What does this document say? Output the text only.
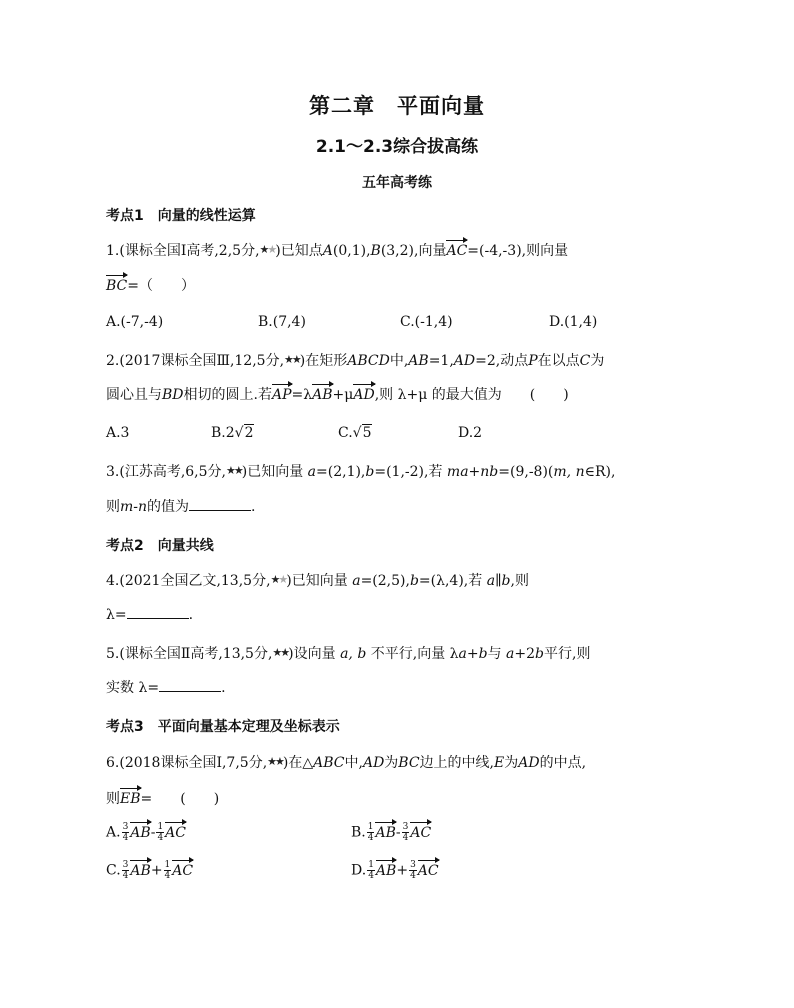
第二章　平面向量
2.1～2.3综合拔高练
五年高考练
考点1　向量的线性运算
1.(课标全国Ⅰ高考,2,5分,★★)已知点A(0,1),B(3,2),向量AC=(-4,-3),则向量
BC=（　　）
A.(-7,-4)	B.(7,4)	C.(-1,4)	D.(1,4)
2.(2017课标全国Ⅲ,12,5分,★★)在矩形ABCD中,AB=1,AD=2,动点P在以点C为
圆心且与BD相切的圆上.若AP=λAB+μAD,则 λ+μ 的最大值为　　(　　)
A.3	B.2√2	C.√5	D.2
3.(江苏高考,6,5分,★★)已知向量 a=(2,1),b=(1,-2),若 ma+nb=(9,-8)(m, n∈R),
则m-n的值为	.
考点2　向量共线
4.(2021全国乙文,13,5分,★★)已知向量 a=(2,5),b=(λ,4),若 a∥b,则
λ=	.
5.(课标全国Ⅱ高考,13,5分,★★)设向量 a, b 不平行,向量 λa+b与 a+2b平行,则
实数 λ=	.
考点3　平面向量基本定理及坐标表示
6.(2018课标全国Ⅰ,7,5分,★★)在△ABC中,AD为BC边上的中线,E为AD的中点,
则EB=　　(　　)
A. $\frac{3}{4} AB- \frac{1}{4}$ AC	B. $\frac{1}{4} AB- \frac{3}{4}$ AC
C. $\frac{3}{4} AB+ \frac{1}{4}$ AC	D. $\frac{1}{4} AB+ \frac{3}{4}$ AC
